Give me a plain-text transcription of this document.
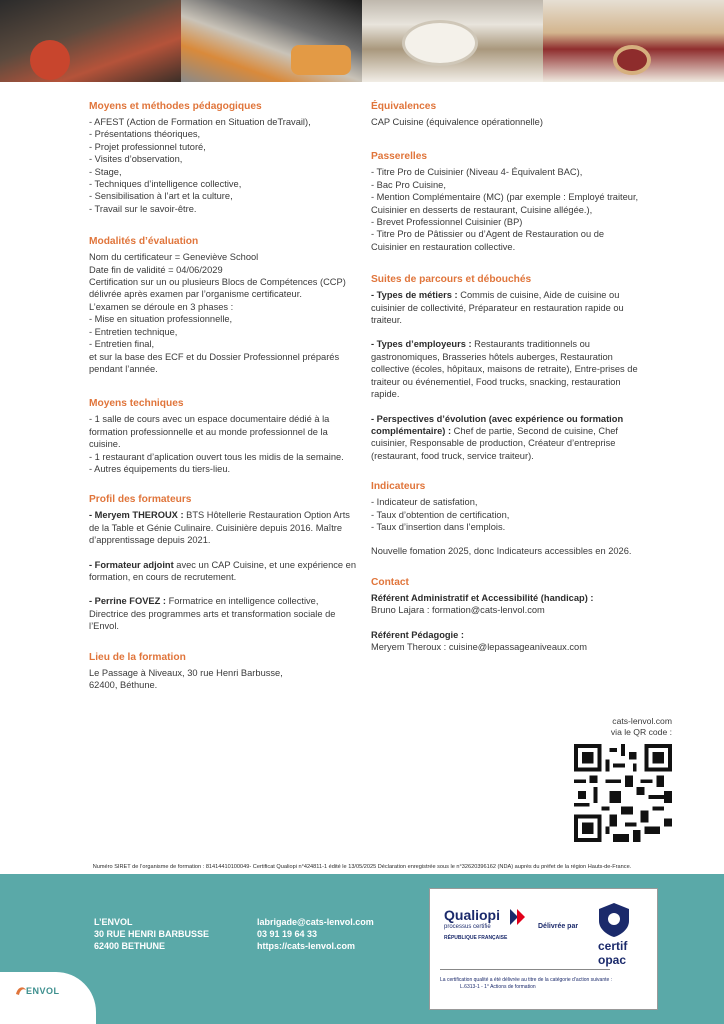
Moyens et méthodes pédagogiques
- AFEST (Action de Formation en Situation deTravail),
- Présentations théoriques,
- Projet professionnel tutoré,
- Visites d’observation,
- Stage,
- Techniques d’intelligence collective,
- Sensibilisation à l’art et la culture,
- Travail sur le savoir-être.
Modalités d’évaluation
Nom du certificateur = Geneviève School
Date fin de validité = 04/06/2029
Certification sur un ou plusieurs Blocs de Compétences (CCP) délivrée après examen par l’organisme certificateur.
L’examen se déroule en 3 phases :
- Mise en situation professionnelle,
- Entretien technique,
- Entretien final,
et sur la base des ECF et du Dossier Professionnel préparés pendant l’année.
Moyens techniques
- 1 salle de cours avec un espace documentaire dédié à la formation professionnelle et au monde professionnel de la cuisine.
- 1 restaurant d’aplication ouvert tous les midis de la semaine.
- Autres équipements du tiers-lieu.
Profil des formateurs
- Meryem THEROUX : BTS Hôtellerie Restauration Option Arts de la Table et Génie Culinaire. Cuisinière depuis 2016. Maître d’apprentissage depuis 2021.
- Formateur adjoint avec un CAP Cuisine, et une expérience en formation, en cours de recrutement.
- Perrine FOVEZ : Formatrice en intelligence collective, Directrice des programmes arts et transformation sociale de l’Envol.
Lieu de la formation
Le Passage à Niveaux, 30 rue Henri Barbusse,
62400, Béthune.
Équivalences
CAP Cuisine (équivalence opérationnelle)
Passerelles
- Titre Pro de Cuisinier (Niveau 4- Équivalent BAC),
- Bac Pro Cuisine,
- Mention Complémentaire (MC) (par exemple : Employé traiteur, Cuisinier en desserts de restaurant, Cuisine allégée.),
- Brevet Professionnel Cuisinier (BP)
- Titre Pro de Pâtissier ou d’Agent de Restauration ou de Cuisinier en restauration collective.
Suites de parcours et débouchés
- Types de métiers : Commis de cuisine, Aide de cuisine ou cuisinier de collectivité, Préparateur en restauration rapide ou traiteur.
- Types d’employeurs : Restaurants traditionnels ou gastronomiques, Brasseries hôtels auberges, Restauration collective (écoles, hôpitaux, maisons de retraite), Entre-prises de traiteur ou événementiel, Food trucks, snacking, restauration rapide.
- Perspectives d’évolution (avec expérience ou formation complémentaire) : Chef de partie, Second de cuisine, Chef cuisinier, Responsable de production, Créateur d’entreprise (restaurant, food truck, service traiteur).
Indicateurs
- Indicateur de satisfation,
- Taux d’obtention de certification,
- Taux d’insertion dans l’emplois.
Nouvelle fomation 2025, donc Indicateurs accessibles en 2026.
Contact
Référent Administratif et Accessibilité (handicap) :
Bruno Lajara : formation@cats-lenvol.com
Référent Pédagogie :
Meryem Theroux : cuisine@lepassageaniveaux.com
cats-lenvol.com
via le QR code :
Numéro SIRET de l’organisme de formation : 81414410100049- Certificat Qualiopi n°424811-1 édité le 13/05/2025 Déclaration enregistrée sous le n°32620396162 (NDA) auprès du préfet de la région Hauts-de-France.
L’ENVOL
30 RUE HENRI BARBUSSE
62400 BETHUNE
labrigade@cats-lenvol.com
03 91 19 64 33
https://cats-lenvol.com
ENVOL
Qualiopi
processus certifié
RÉPUBLIQUE FRANÇAISE
Délivrée par
certif opac
La certification qualité a été délivrée au titre de la catégorie d’action suivante :
L.6313-1 - 1° Actions de formation
